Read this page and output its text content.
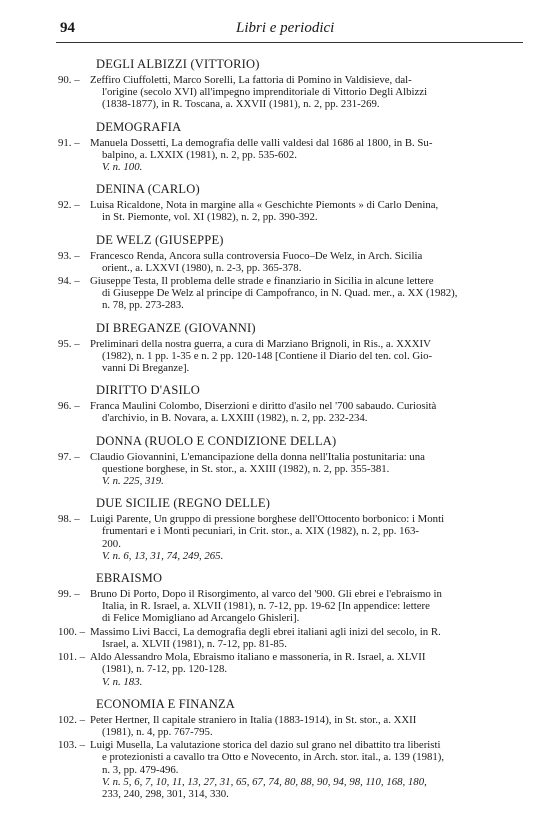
94	Libri e periodici
DEGLI ALBIZZI (VITTORIO)
90. – Zeffiro Ciuffoletti, Marco Sorelli, La fattoria di Pomino in Valdisieve, dal-
l'origine (secolo XVI) all'impegno imprenditoriale di Vittorio Degli Albizzi
(1838-1877), in R. Toscana, a. XXVII (1981), n. 2, pp. 231-269.
DEMOGRAFIA
91. – Manuela Dossetti, La demografia delle valli valdesi dal 1686 al 1800, in B. Su-
balpino, a. LXXIX (1981), n. 2, pp. 535-602.
V. n. 100.
DENINA (CARLO)
92. – Luisa Ricaldone, Nota in margine alla « Geschichte Piemonts » di Carlo Denina,
in St. Piemonte, vol. XI (1982), n. 2, pp. 390-392.
DE WELZ (GIUSEPPE)
93. – Francesco Renda, Ancora sulla controversia Fuoco–De Welz, in Arch. Sicilia
orient., a. LXXVI (1980), n. 2-3, pp. 365-378.
94. – Giuseppe Testa, Il problema delle strade e finanziario in Sicilia in alcune lettere
di Giuseppe De Welz al principe di Campofranco, in N. Quad. mer., a. XX (1982),
n. 78, pp. 273-283.
DI BREGANZE (GIOVANNI)
95. – Preliminari della nostra guerra, a cura di Marziano Brignoli, in Ris., a. XXXIV
(1982), n. 1 pp. 1-35 e n. 2 pp. 120-148 [Contiene il Diario del ten. col. Gio-
vanni Di Breganze].
DIRITTO D'ASILO
96. – Franca Maulini Colombo, Diserzioni e diritto d'asilo nel '700 sabaudo. Curiosità
d'archivio, in B. Novara, a. LXXIII (1982), n. 2, pp. 232-234.
DONNA (RUOLO E CONDIZIONE DELLA)
97. – Claudio Giovannini, L'emancipazione della donna nell'Italia postunitaria: una
questione borghese, in St. stor., a. XXIII (1982), n. 2, pp. 355-381.
V. n. 225, 319.
DUE SICILIE (REGNO DELLE)
98. – Luigi Parente, Un gruppo di pressione borghese dell'Ottocento borbonico: i Monti
frumentari e i Monti pecuniari, in Crit. stor., a. XIX (1982), n. 2, pp. 163-
200.
V. n. 6, 13, 31, 74, 249, 265.
EBRAISMO
99. – Bruno Di Porto, Dopo il Risorgimento, al varco del '900. Gli ebrei e l'ebraismo in
Italia, in R. Israel, a. XLVII (1981), n. 7-12, pp. 19-62 [In appendice: lettere
di Felice Momigliano ad Arcangelo Ghisleri].
100. – Massimo Livi Bacci, La demografia degli ebrei italiani agli inizi del secolo, in R.
Israel, a. XLVII (1981), n. 7-12, pp. 81-85.
101. – Aldo Alessandro Mola, Ebraismo italiano e massoneria, in R. Israel, a. XLVII
(1981), n. 7-12, pp. 120-128.
V. n. 183.
ECONOMIA E FINANZA
102. – Peter Hertner, Il capitale straniero in Italia (1883-1914), in St. stor., a. XXII
(1981), n. 4, pp. 767-795.
103. – Luigi Musella, La valutazione storica del dazio sul grano nel dibattito tra liberisti
e protezionisti a cavallo tra Otto e Novecento, in Arch. stor. ital., a. 139 (1981),
n. 3, pp. 479-496.
V. n. 5, 6, 7, 10, 11, 13, 27, 31, 65, 67, 74, 80, 88, 90, 94, 98, 110, 168, 180,
233, 240, 298, 301, 314, 330.
